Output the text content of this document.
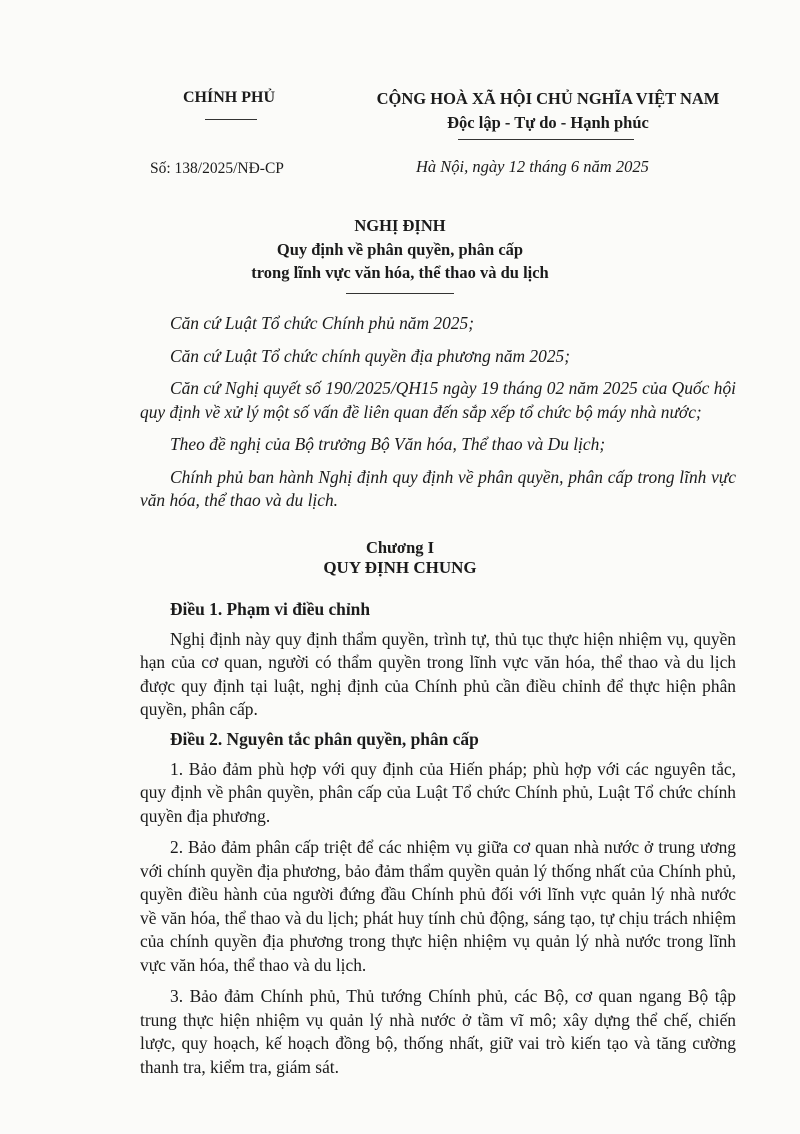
CHÍNH PHỦ	CỘNG HOÀ XÃ HỘI CHỦ NGHĨA VIỆT NAM
Độc lập - Tự do - Hạnh phúc
Số: 138/2025/NĐ-CP	Hà Nội, ngày 12 tháng 6 năm 2025
NGHỊ ĐỊNH
Quy định về phân quyền, phân cấp
trong lĩnh vực văn hóa, thể thao và du lịch

Căn cứ Luật Tổ chức Chính phủ năm 2025;

Căn cứ Luật Tổ chức chính quyền địa phương năm 2025;

Căn cứ Nghị quyết số 190/2025/QH15 ngày 19 tháng 02 năm 2025 của Quốc hội quy định về xử lý một số vấn đề liên quan đến sắp xếp tổ chức bộ máy nhà nước;

Theo đề nghị của Bộ trưởng Bộ Văn hóa, Thể thao và Du lịch;

Chính phủ ban hành Nghị định quy định về phân quyền, phân cấp trong lĩnh vực văn hóa, thể thao và du lịch.

Chương I
QUY ĐỊNH CHUNG

Điều 1. Phạm vi điều chỉnh

Nghị định này quy định thẩm quyền, trình tự, thủ tục thực hiện nhiệm vụ, quyền hạn của cơ quan, người có thẩm quyền trong lĩnh vực văn hóa, thể thao và du lịch được quy định tại luật, nghị định của Chính phủ cần điều chỉnh để thực hiện phân quyền, phân cấp.

Điều 2. Nguyên tắc phân quyền, phân cấp

1. Bảo đảm phù hợp với quy định của Hiến pháp; phù hợp với các nguyên tắc, quy định về phân quyền, phân cấp của Luật Tổ chức Chính phủ, Luật Tổ chức chính quyền địa phương.

2. Bảo đảm phân cấp triệt để các nhiệm vụ giữa cơ quan nhà nước ở trung ương với chính quyền địa phương, bảo đảm thẩm quyền quản lý thống nhất của Chính phủ, quyền điều hành của người đứng đầu Chính phủ đối với lĩnh vực quản lý nhà nước về văn hóa, thể thao và du lịch; phát huy tính chủ động, sáng tạo, tự chịu trách nhiệm của chính quyền địa phương trong thực hiện nhiệm vụ quản lý nhà nước trong lĩnh vực văn hóa, thể thao và du lịch.

3. Bảo đảm Chính phủ, Thủ tướng Chính phủ, các Bộ, cơ quan ngang Bộ tập trung thực hiện nhiệm vụ quản lý nhà nước ở tầm vĩ mô; xây dựng thể chế, chiến lược, quy hoạch, kế hoạch đồng bộ, thống nhất, giữ vai trò kiến tạo và tăng cường thanh tra, kiểm tra, giám sát.
